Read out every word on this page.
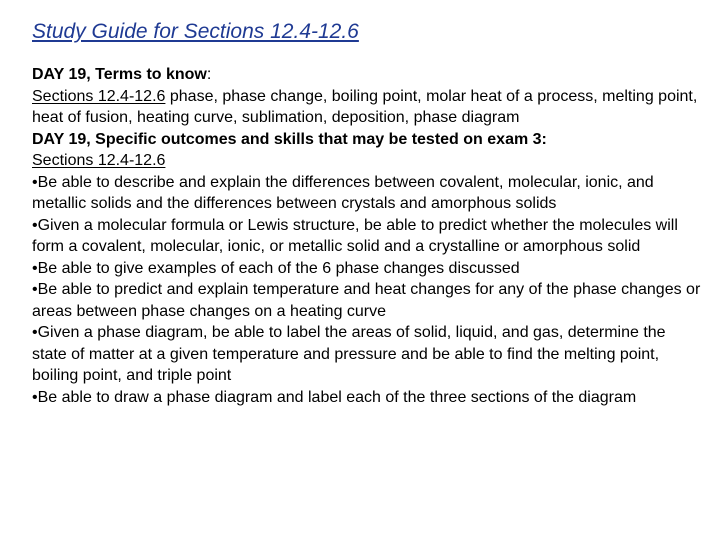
Study Guide for Sections 12.4-12.6

DAY 19, Terms to know:

Sections 12.4-12.6 phase, phase change, boiling point, molar heat of a process, melting point, heat of fusion, heating curve, sublimation, deposition, phase diagram

DAY 19, Specific outcomes and skills that may be tested on exam 3:

Sections 12.4-12.6

•Be able to describe and explain the differences between covalent, molecular, ionic, and metallic solids and the differences between crystals and amorphous solids

•Given a molecular formula or Lewis structure, be able to predict whether the molecules will form a covalent, molecular, ionic, or metallic solid and a crystalline or amorphous solid

•Be able to give examples of each of the 6 phase changes discussed

•Be able to predict and explain temperature and heat changes for any of the phase changes or areas between phase changes on a heating curve

•Given a phase diagram, be able to label the areas of solid, liquid, and gas, determine the state of matter at a given temperature and pressure and be able to find the melting point, boiling point, and triple point

•Be able to draw a phase diagram and label each of the three sections of the diagram
